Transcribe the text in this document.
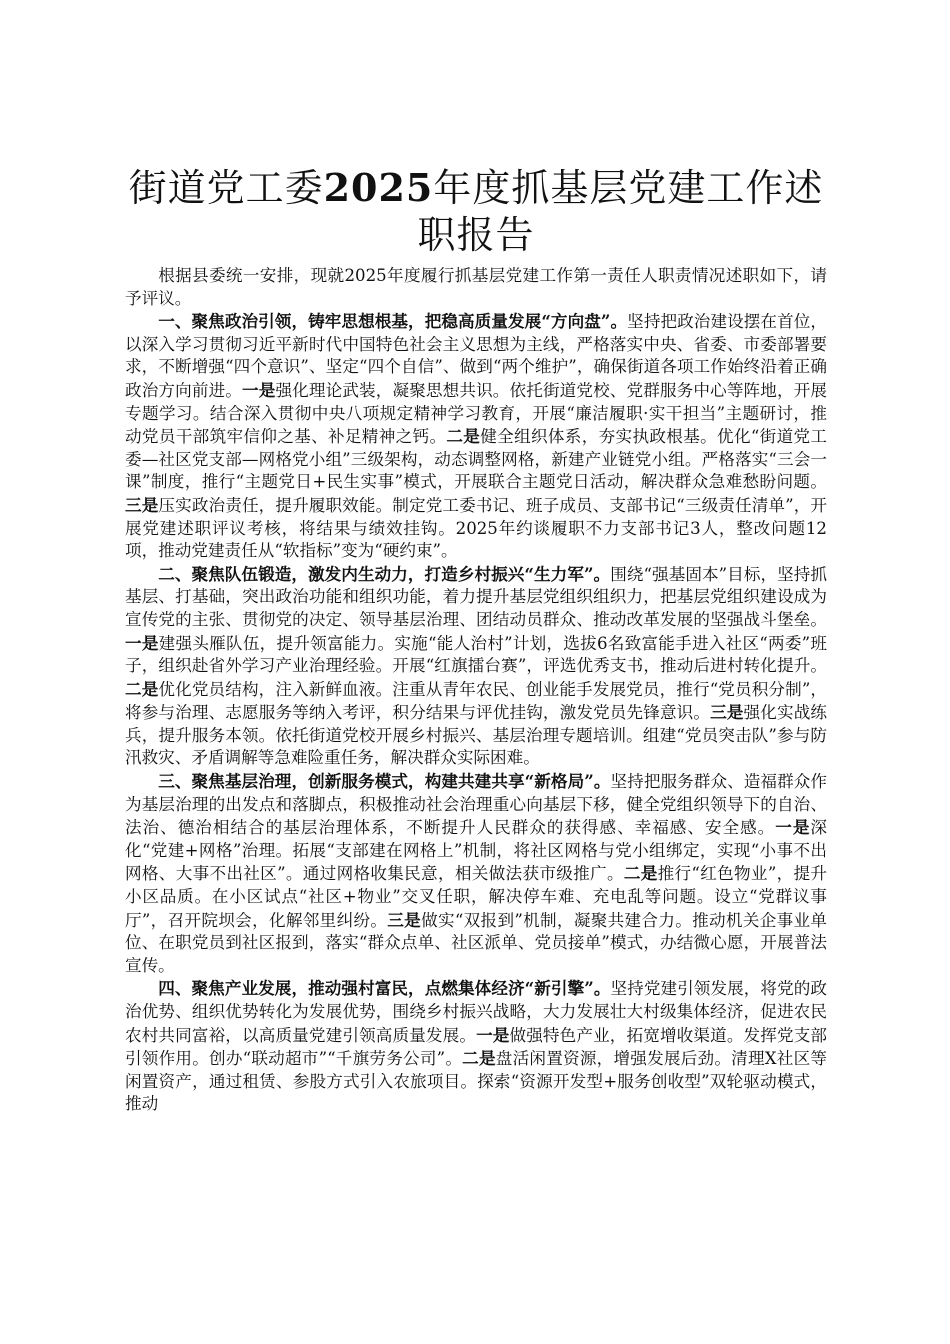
街道党工委2025年度抓基层党建工作述职报告

根据县委统一安排，现就2025年度履行抓基层党建工作第一责任人职责情况述职如下，请予评议。

一、聚焦政治引领，铸牢思想根基，把稳高质量发展“方向盘”。坚持把政治建设摆在首位，以深入学习贯彻习近平新时代中国特色社会主义思想为主线，严格落实中央、省委、市委部署要求，不断增强“四个意识”、坚定“四个自信”、做到“两个维护”，确保街道各项工作始终沿着正确政治方向前进。一是强化理论武装，凝聚思想共识。依托街道党校、党群服务中心等阵地，开展专题学习。结合深入贯彻中央八项规定精神学习教育，开展“廉洁履职·实干担当”主题研讨，推动党员干部筑牢信仰之基、补足精神之钙。二是健全组织体系，夯实执政根基。优化“街道党工委—社区党支部—网格党小组”三级架构，动态调整网格，新建产业链党小组。严格落实“三会一课”制度，推行“主题党日+民生实事”模式，开展联合主题党日活动，解决群众急难愁盼问题。三是压实政治责任，提升履职效能。制定党工委书记、班子成员、支部书记“三级责任清单”，开展党建述职评议考核，将结果与绩效挂钩。2025年约谈履职不力支部书记3人，整改问题12项，推动党建责任从“软指标”变为“硬约束”。

二、聚焦队伍锻造，激发内生动力，打造乡村振兴“生力军”。围绕“强基固本”目标，坚持抓基层、打基础，突出政治功能和组织功能，着力提升基层党组织组织力，把基层党组织建设成为宣传党的主张、贯彻党的决定、领导基层治理、团结动员群众、推动改革发展的坚强战斗堡垒。一是建强头雁队伍，提升领富能力。实施“能人治村”计划，选拔6名致富能手进入社区“两委”班子，组织赴省外学习产业治理经验。开展“红旗擂台赛”，评选优秀支书，推动后进村转化提升。二是优化党员结构，注入新鲜血液。注重从青年农民、创业能手发展党员，推行“党员积分制”，将参与治理、志愿服务等纳入考评，积分结果与评优挂钩，激发党员先锋意识。三是强化实战练兵，提升服务本领。依托街道党校开展乡村振兴、基层治理专题培训。组建“党员突击队”参与防汛救灾、矛盾调解等急难险重任务，解决群众实际困难。

三、聚焦基层治理，创新服务模式，构建共建共享“新格局”。坚持把服务群众、造福群众作为基层治理的出发点和落脚点，积极推动社会治理重心向基层下移，健全党组织领导下的自治、法治、德治相结合的基层治理体系，不断提升人民群众的获得感、幸福感、安全感。一是深化“党建+网格”治理。拓展“支部建在网格上”机制，将社区网格与党小组绑定，实现“小事不出网格、大事不出社区”。通过网格收集民意，相关做法获市级推广。二是推行“红色物业”，提升小区品质。在小区试点“社区+物业”交叉任职，解决停车难、充电乱等问题。设立“党群议事厅”，召开院坝会，化解邻里纠纷。三是做实“双报到”机制，凝聚共建合力。推动机关企事业单位、在职党员到社区报到，落实“群众点单、社区派单、党员接单”模式，办结微心愿，开展普法宣传。

四、聚焦产业发展，推动强村富民，点燃集体经济“新引擎”。坚持党建引领发展，将党的政治优势、组织优势转化为发展优势，围绕乡村振兴战略，大力发展壮大村级集体经济，促进农民农村共同富裕，以高质量党建引领高质量发展。一是做强特色产业，拓宽增收渠道。发挥党支部引领作用。创办“联动超市”“千旗劳务公司”。二是盘活闲置资源，增强发展后劲。清理X社区等闲置资产，通过租赁、参股方式引入农旅项目。探索“资源开发型+服务创收型”双轮驱动模式，推动
